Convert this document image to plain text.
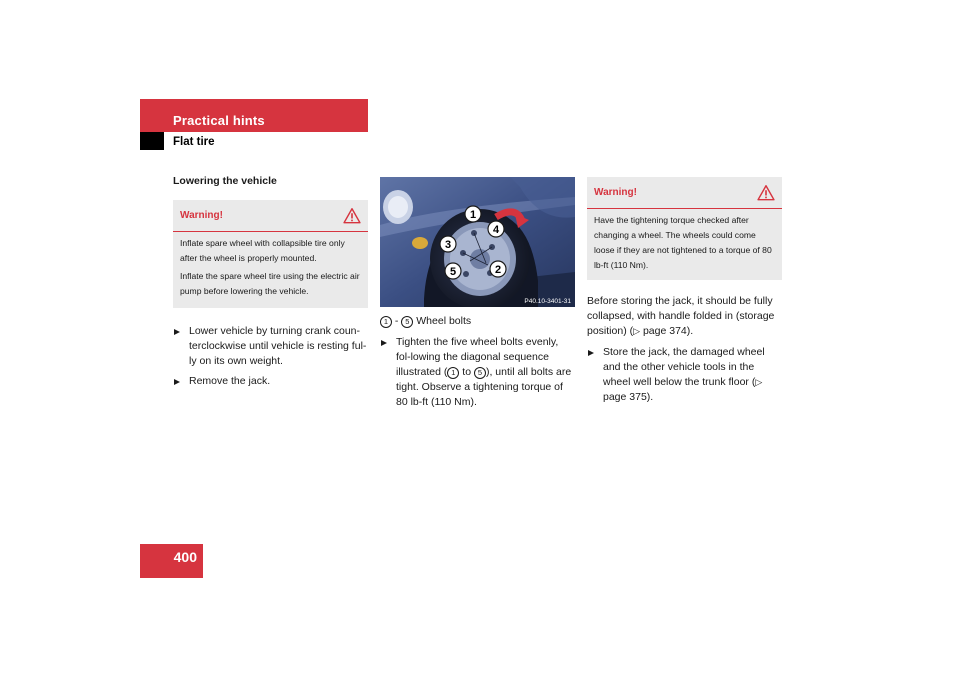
Practical hints
Flat tire

Lowering the vehicle

Warning!

Inflate spare wheel with collapsible tire only after the wheel is properly mounted.

Inflate the spare wheel tire using the electric air pump before lowering the vehicle.

Lower vehicle by turning crank coun-terclockwise until vehicle is resting ful-ly on its own weight.

Remove the jack.

1
2
3
4
5
P40.10-3401-31

1 - 5 Wheel bolts

Tighten the five wheel bolts evenly, fol-lowing the diagonal sequence illustrated ( 1 to 5 ), until all bolts are tight. Observe a tightening torque of 80 lb-ft (110 Nm).

Warning!

Have the tightening torque checked after changing a wheel. The wheels could come loose if they are not tightened to a torque of 80 lb-ft (110 Nm).

Before storing the jack, it should be fully collapsed, with handle folded in (storage position) (▷ page 374).

Store the jack, the damaged wheel and the other vehicle tools in the wheel well below the trunk floor (▷ page 375).

400
